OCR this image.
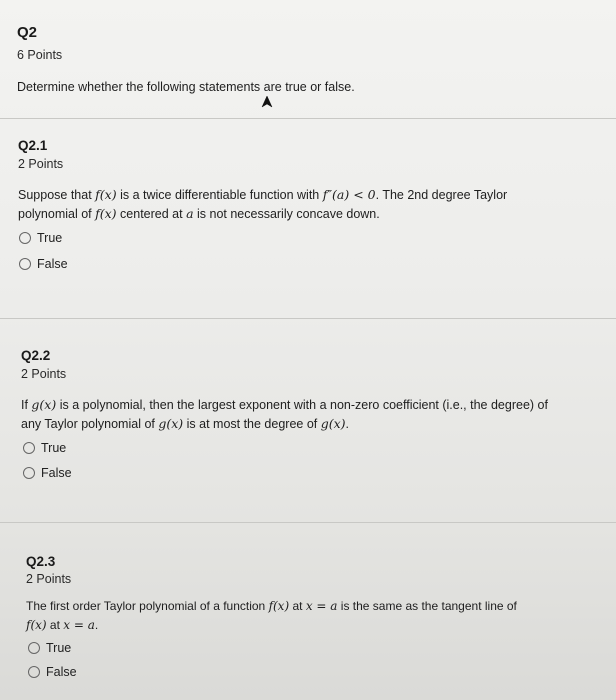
Q2
6 Points
Determine whether the following statements are true or false.
Q2.1
2 Points
Suppose that f(x) is a twice differentiable function with f″(a) < 0. The 2nd degree Taylor
polynomial of f(x) centered at a is not necessarily concave down.
True
False
Q2.2
2 Points
If g(x) is a polynomial, then the largest exponent with a non-zero coefficient (i.e., the degree) of
any Taylor polynomial of g(x) is at most the degree of g(x).
True
False
Q2.3
2 Points
The first order Taylor polynomial of a function f(x) at x = a is the same as the tangent line of
f(x) at x = a.
True
False
